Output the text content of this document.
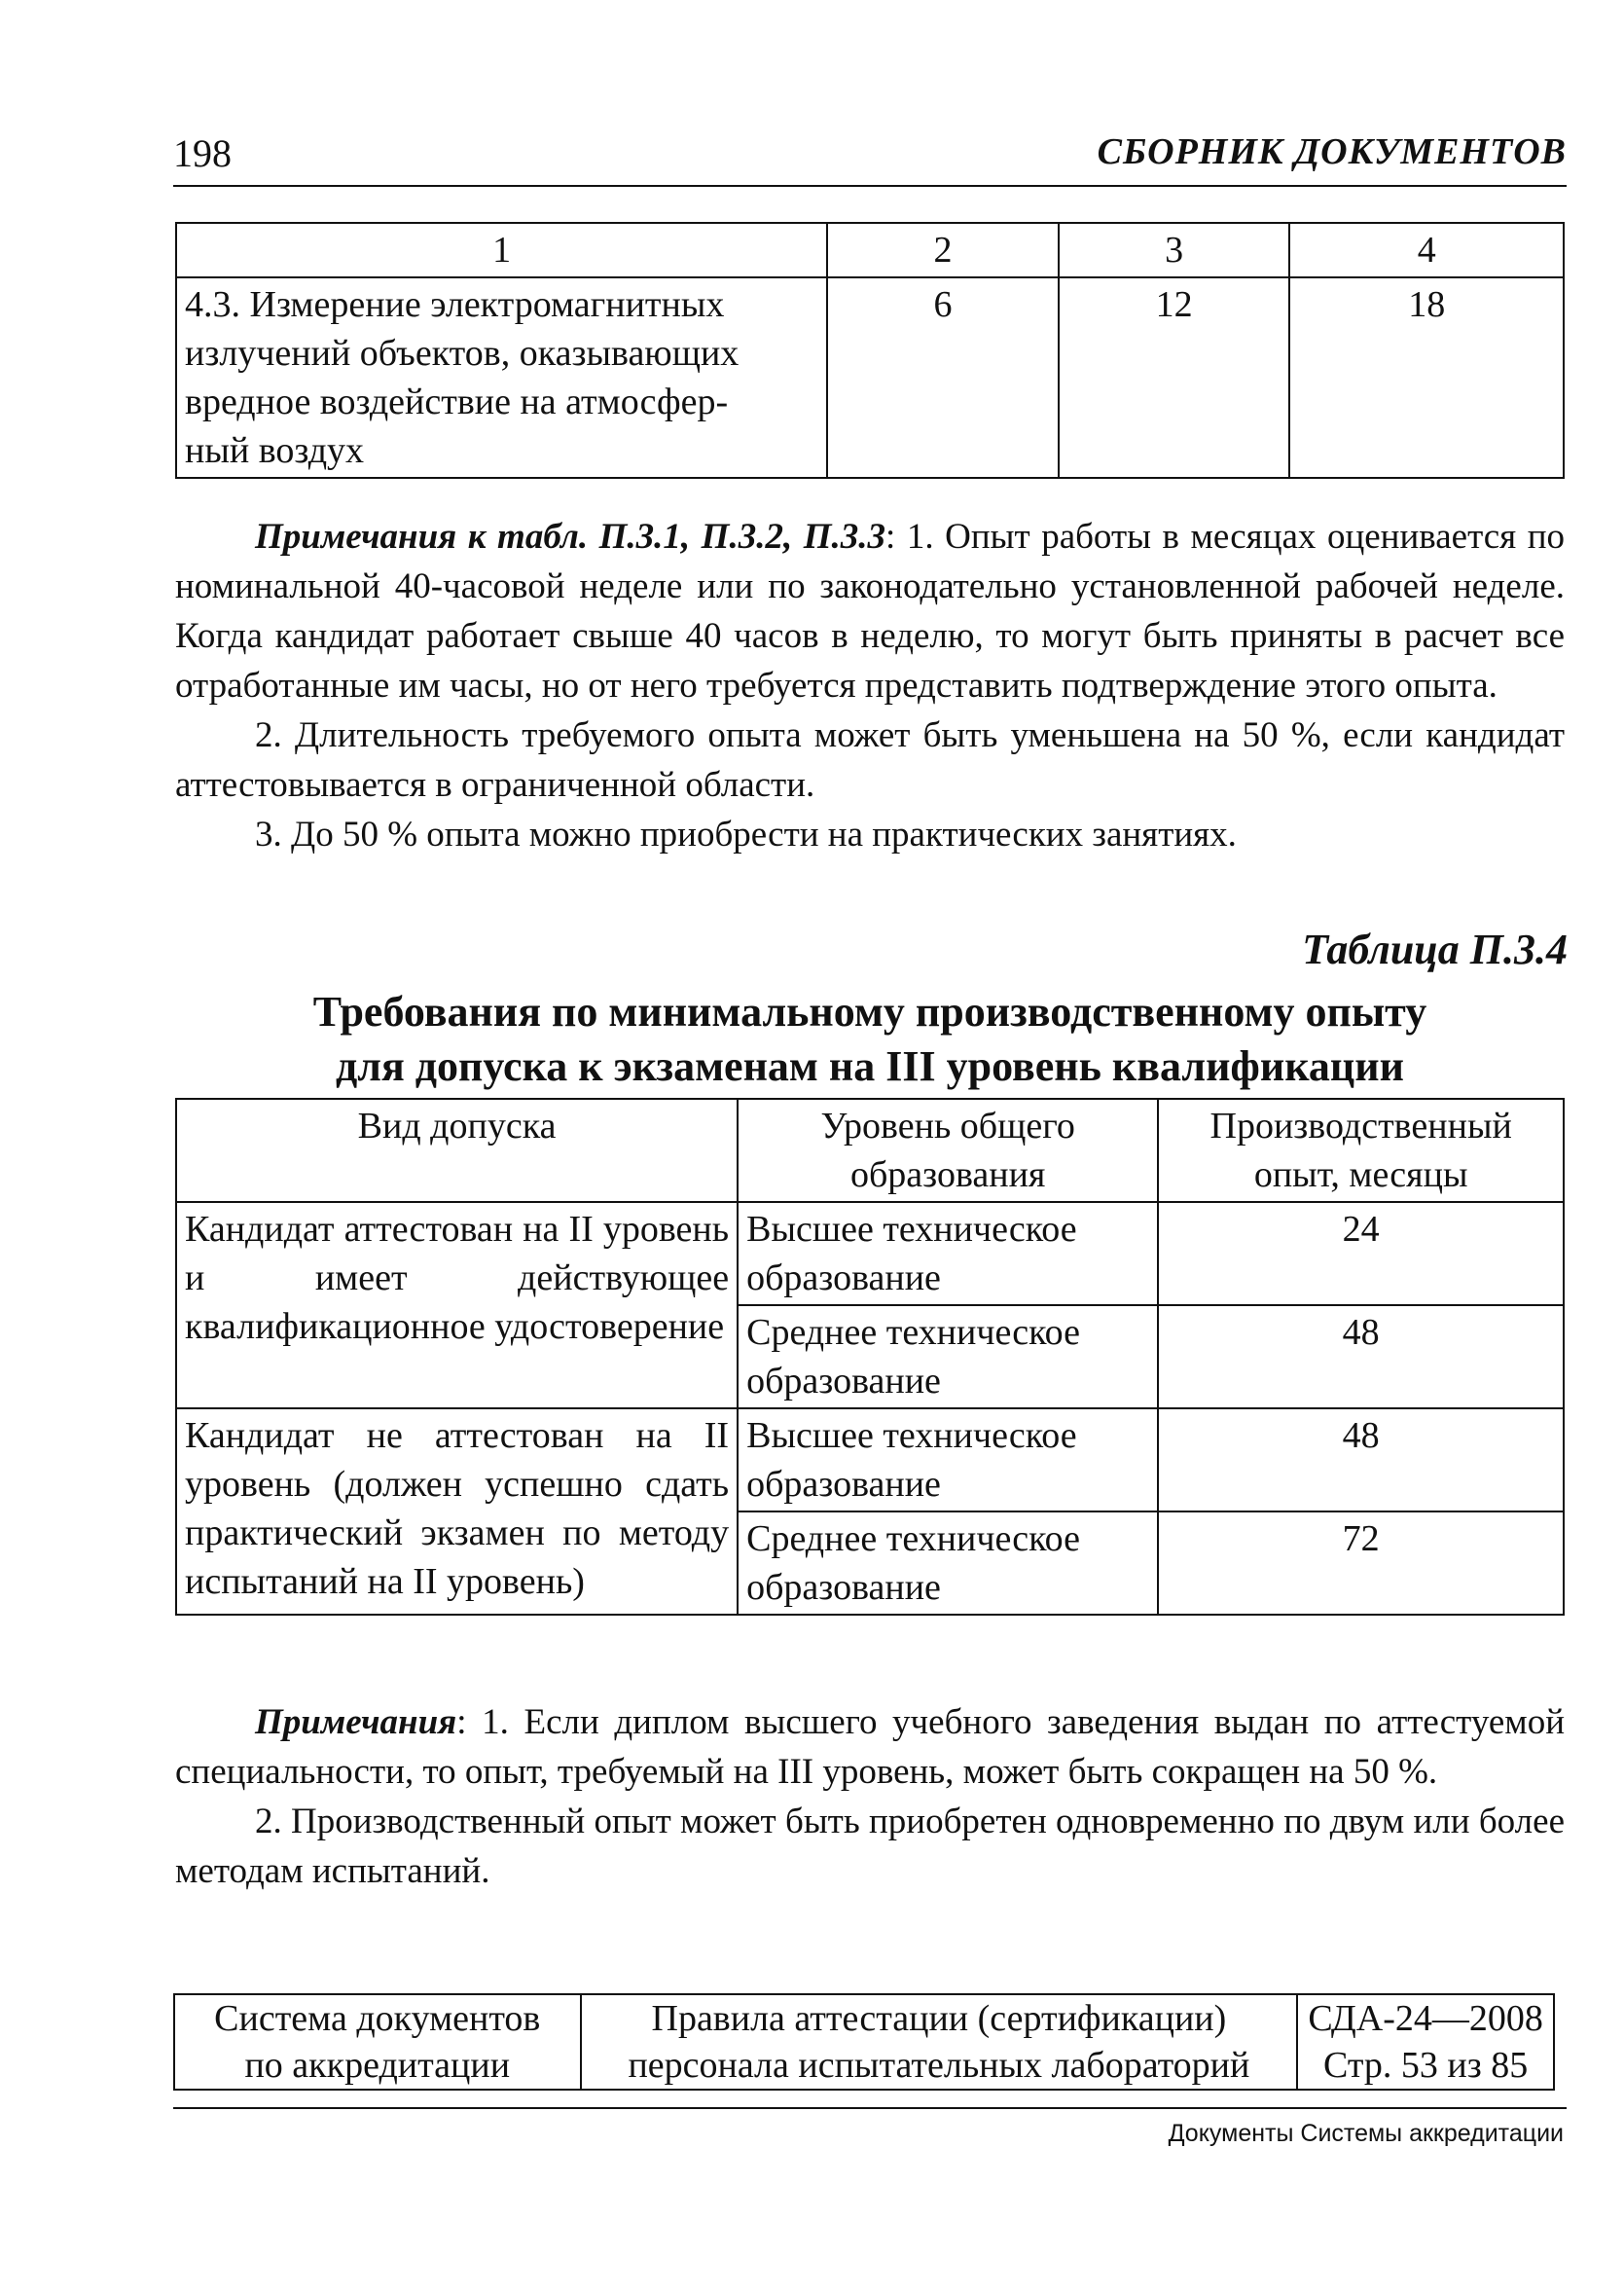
198	СБОРНИК ДОКУМЕНТОВ
1	2	3	4

4.3. Измерение электромагнитных
излучений объектов, оказывающих
вредное воздействие на атмосфер-
ный воздух	6	12	18

Примечания к табл. П.3.1, П.3.2, П.3.3: 1. Опыт работы в месяцах оценивается по номинальной 40-часовой неделе или по законодательно установленной рабочей неделе. Когда кандидат работает свыше 40 часов в неделю, то могут быть приняты в расчет все отработанные им часы, но от него требуется представить подтверждение этого опыта.

2. Длительность требуемого опыта может быть уменьшена на 50 %, если кандидат аттестовывается в ограниченной области.

3. До 50 % опыта можно приобрести на практических занятиях.

Таблица П.3.4
Требования по минимальному производственному опыту
для допуска к экзаменам на III уровень квалификации
Вид допуска	Уровень общего образования	Производственный опыт, месяцы
Кандидат аттестован на II уровень и имеет действующее квалификационное удостоверение	Высшее техническое образование	24
	Среднее техническое образование	48
Кандидат не аттестован на II уровень (должен успешно сдать практический экзамен по методу испытаний на II уровень)	Высшее техническое образование	48
	Среднее техническое образование	72

Примечания: 1. Если диплом высшего учебного заведения выдан по аттестуемой специальности, то опыт, требуемый на III уровень, может быть сокращен на 50 %.

2. Производственный опыт может быть приобретен одновременно по двум или более методам испытаний.

Система документов
по аккредитации

Правила аттестации (сертификации)
персонала испытательных лабораторий

СДА-24—2008
Стр. 53 из 85
Документы Системы аккредитации
